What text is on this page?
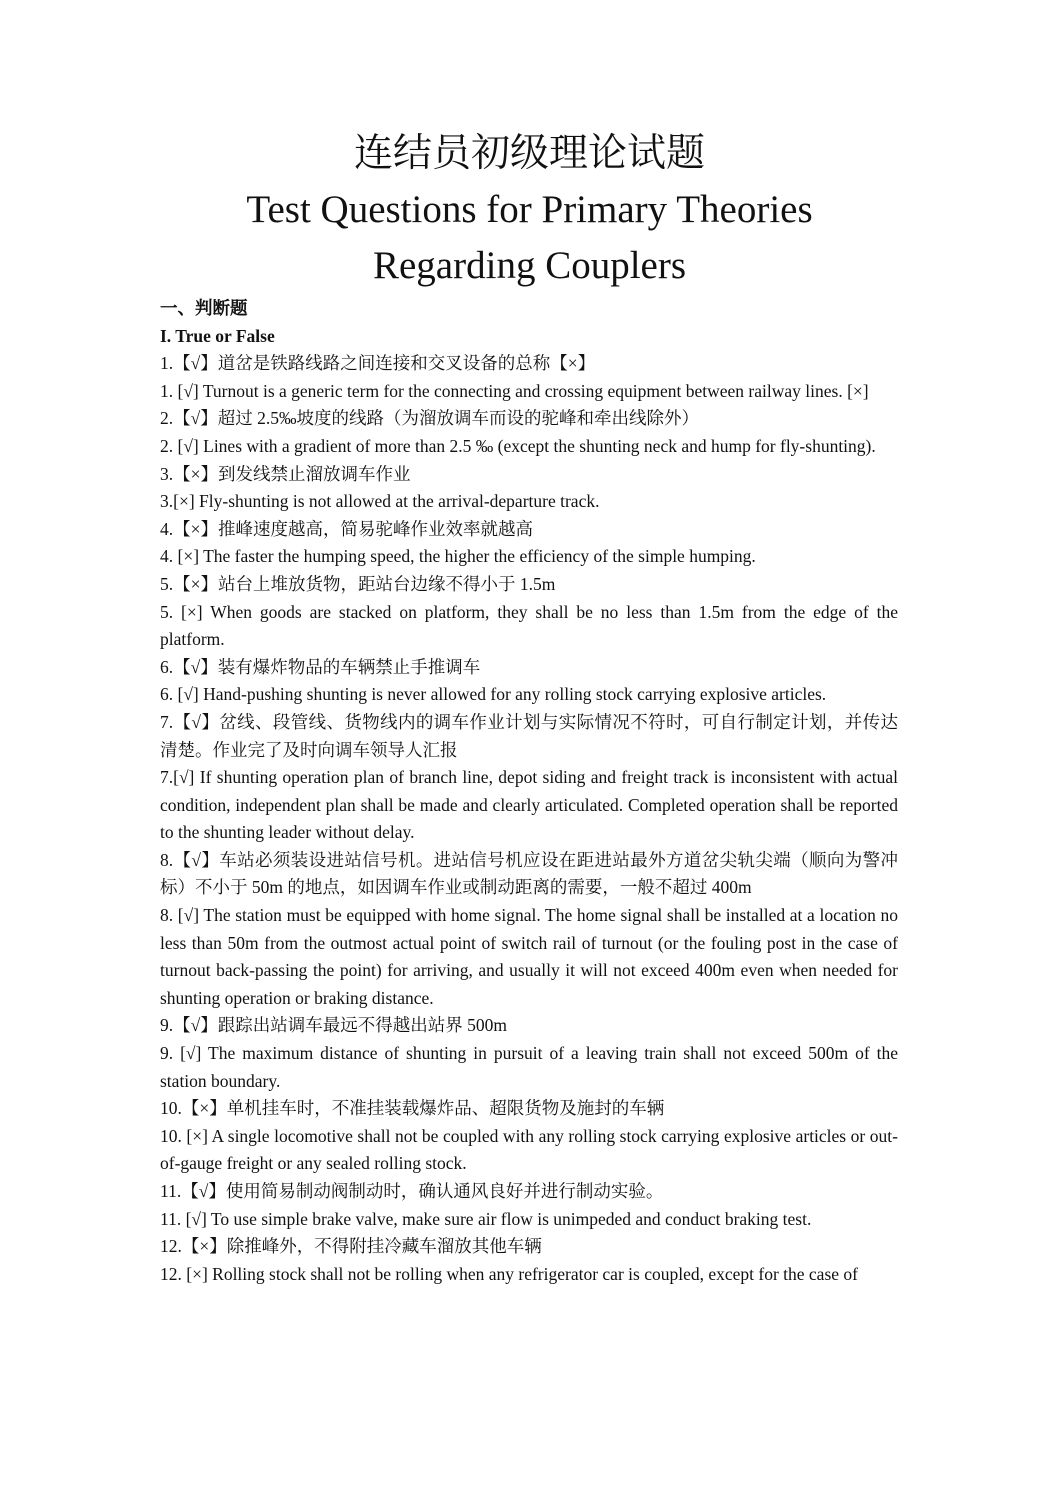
连结员初级理论试题
Test Questions for Primary Theories
Regarding Couplers

一、判断题

I. True or False

1.【√】道岔是铁路线路之间连接和交叉设备的总称【×】

1. [√] Turnout is a generic term for the connecting and crossing equipment between railway lines. [×]

2.【√】超过 2.5‰坡度的线路（为溜放调车而设的驼峰和牵出线除外）

2. [√] Lines with a gradient of more than 2.5 ‰ (except the shunting neck and hump for fly-shunting).

3.【×】到发线禁止溜放调车作业

3.[×] Fly-shunting is not allowed at the arrival-departure track.

4.【×】推峰速度越高，简易驼峰作业效率就越高

4. [×] The faster the humping speed, the higher the efficiency of the simple humping.

5.【×】站台上堆放货物，距站台边缘不得小于 1.5m

5. [×] When goods are stacked on platform, they shall be no less than 1.5m from the edge of the platform.

6.【√】装有爆炸物品的车辆禁止手推调车

6. [√] Hand-pushing shunting is never allowed for any rolling stock carrying explosive articles.

7.【√】岔线、段管线、货物线内的调车作业计划与实际情况不符时，可自行制定计划，并传达清楚。作业完了及时向调车领导人汇报

7.[√] If shunting operation plan of branch line, depot siding and freight track is inconsistent with actual condition, independent plan shall be made and clearly articulated. Completed operation shall be reported to the shunting leader without delay.

8.【√】车站必须装设进站信号机。进站信号机应设在距进站最外方道岔尖轨尖端（顺向为警冲标）不小于 50m 的地点，如因调车作业或制动距离的需要，一般不超过 400m

8. [√] The station must be equipped with home signal. The home signal shall be installed at a location no less than 50m from the outmost actual point of switch rail of turnout (or the fouling post in the case of turnout back-passing the point) for arriving, and usually it will not exceed 400m even when needed for shunting operation or braking distance.

9.【√】跟踪出站调车最远不得越出站界 500m

9. [√] The maximum distance of shunting in pursuit of a leaving train shall not exceed 500m of the station boundary.

10.【×】单机挂车时，不准挂装载爆炸品、超限货物及施封的车辆

10. [×] A single locomotive shall not be coupled with any rolling stock carrying explosive articles or out-of-gauge freight or any sealed rolling stock.

11.【√】使用简易制动阀制动时，确认通风良好并进行制动实验。

11. [√] To use simple brake valve, make sure air flow is unimpeded and conduct braking test.

12.【×】除推峰外，不得附挂冷藏车溜放其他车辆

12. [×] Rolling stock shall not be rolling when any refrigerator car is coupled, except for the case of
